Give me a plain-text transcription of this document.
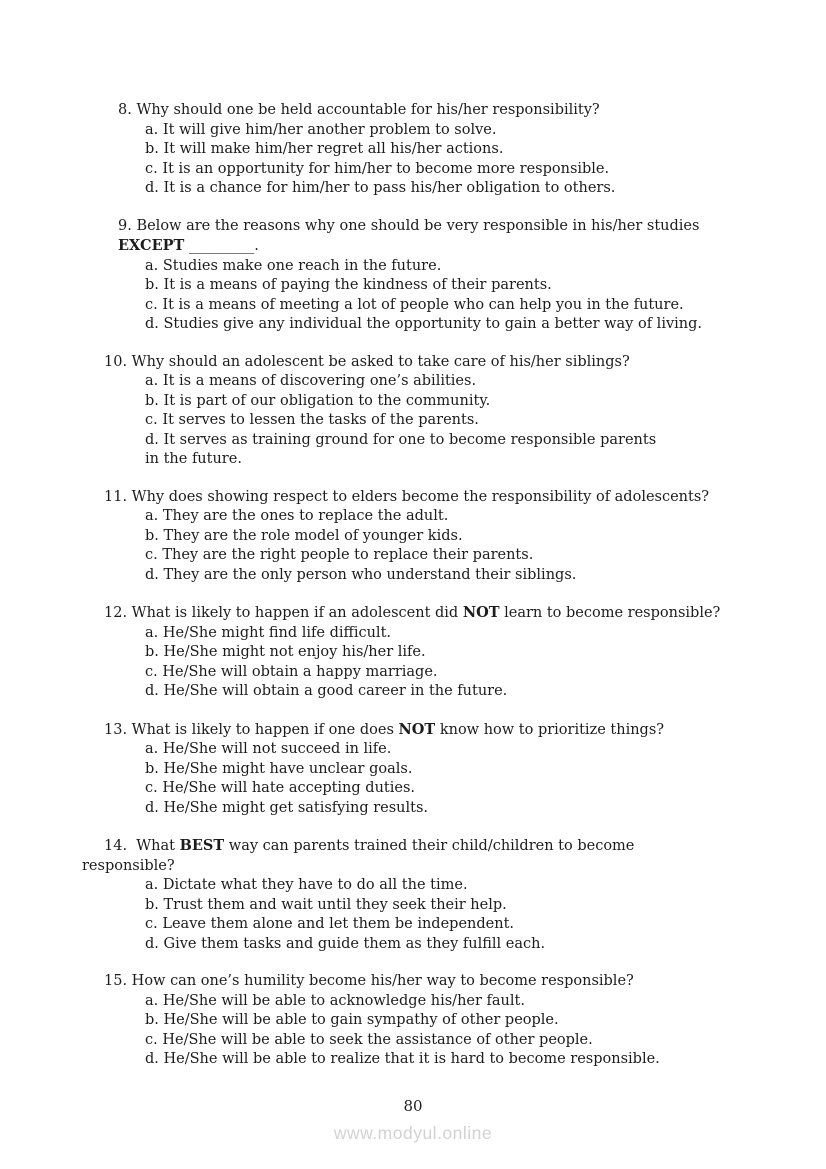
8. Why should one be held accountable for his/her responsibility?
a. It will give him/her another problem to solve.
b. It will make him/her regret all his/her actions.
c. It is an opportunity for him/her to become more responsible.
d. It is a chance for him/her to pass his/her obligation to others.
9. Below are the reasons why one should be very responsible in his/her studies
EXCEPT _________.
a. Studies make one reach in the future.
b. It is a means of paying the kindness of their parents.
c. It is a means of meeting a lot of people who can help you in the future.
d. Studies give any individual the opportunity to gain a better way of living.
10. Why should an adolescent be asked to take care of his/her siblings?
a. It is a means of discovering one’s abilities.
b. It is part of our obligation to the community.
c. It serves to lessen the tasks of the parents.
d. It serves as training ground for one to become responsible parents
in the future.
11. Why does showing respect to elders become the responsibility of adolescents?
a. They are the ones to replace the adult.
b. They are the role model of younger kids.
c. They are the right people to replace their parents.
d. They are the only person who understand their siblings.
12. What is likely to happen if an adolescent did NOT learn to become responsible?
a. He/She might find life difficult.
b. He/She might not enjoy his/her life.
c. He/She will obtain a happy marriage.
d. He/She will obtain a good career in the future.
13. What is likely to happen if one does NOT know how to prioritize things?
a. He/She will not succeed in life.
b. He/She might have unclear goals.
c. He/She will hate accepting duties.
d. He/She might get satisfying results.
14.  What BEST way can parents trained their child/children to become
responsible?
a. Dictate what they have to do all the time.
b. Trust them and wait until they seek their help.
c. Leave them alone and let them be independent.
d. Give them tasks and guide them as they fulfill each.
15. How can one’s humility become his/her way to become responsible?
a. He/She will be able to acknowledge his/her fault.
b. He/She will be able to gain sympathy of other people.
c. He/She will be able to seek the assistance of other people.
d. He/She will be able to realize that it is hard to become responsible.
80
www.modyul.online
